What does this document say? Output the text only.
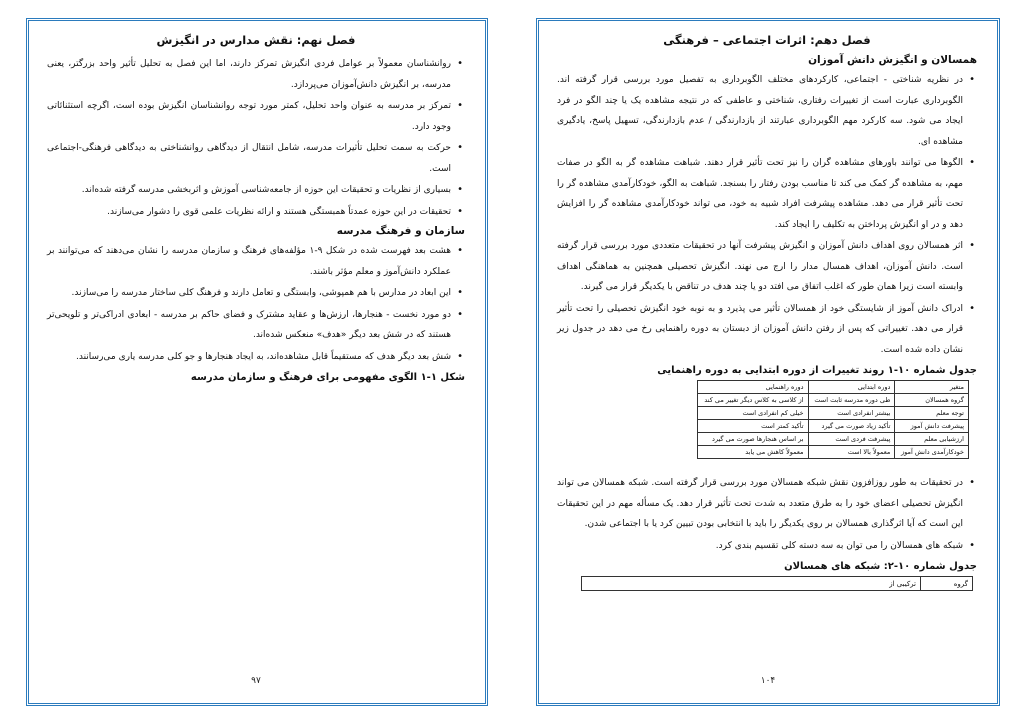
فصل نهم: نقش مدارس در انگیزش
• روانشناسان معمولاً بر عوامل فردی انگیزش تمرکز دارند، اما این فصل به تحلیل تأثیر واحد بزرگتر، یعنی مدرسه، بر انگیزش دانش‌آموزان می‌پردازد.
• تمرکز بر مدرسه به عنوان واحد تحلیل، کمتر مورد توجه روانشناسان انگیزش بوده است، اگرچه استثنائاتی وجود دارد.
• حرکت به سمت تحلیل تأثیرات مدرسه، شامل انتقال از دیدگاهی روانشناختی به دیدگاهی فرهنگی-اجتماعی است.
• بسیاری از نظریات و تحقیقات این حوزه از جامعه‌شناسی آموزش و اثربخشی مدرسه گرفته شده‌اند.
• تحقیقات در این حوزه عمدتاً همبستگی هستند و ارائه نظریات علمی قوی را دشوار می‌سازند.
سازمان و فرهنگ مدرسه
• هشت بعد فهرست شده در شکل ۹-۱ مؤلفه‌های فرهنگ و سازمان مدرسه را نشان می‌دهند که می‌توانند بر عملکرد دانش‌آموز و معلم مؤثر باشند.
• این ابعاد در مدارس با هم همپوشی، وابستگی و تعامل دارند و فرهنگ کلی ساختار مدرسه را می‌سازند.
• دو مورد نخست - هنجارها، ارزش‌ها و عقاید مشترک و فضای حاکم بر مدرسه - ابعادی ادراکی‌تر و تلویحی‌تر هستند که در شش بعد دیگر «هدف» منعکس شده‌اند.
• شش بعد دیگر هدف که مستقیماً قابل مشاهده‌اند، به ایجاد هنجارها و جو کلی مدرسه یاری می‌رسانند.
شکل ۱-۱ الگوی مفهومی برای فرهنگ و سازمان مدرسه
۹۷
فصل دهم: اثرات اجتماعی – فرهنگی
همسالان و انگیزش دانش آموزان
• در نظریه شناختی - اجتماعی، کارکردهای مختلف الگوبرداری به تفصیل مورد بررسی قرار گرفته اند. الگوبرداری عبارت است از تغییرات رفتاری، شناختی و عاطفی که در نتیجه مشاهده یک یا چند الگو در فرد ایجاد می شود. سه کارکرد مهم الگوبرداری عبارتند از بازدارندگی / عدم بازدارندگی، تسهیل پاسخ، یادگیری مشاهده ای.
• الگوها می توانند باورهای مشاهده گران را نیز تحت تأثیر قرار دهند. شباهت مشاهده گر به الگو در صفات مهم، به مشاهده گر کمک می کند تا مناسب بودن رفتار را بسنجد. شباهت به الگو، خودکارآمدی مشاهده گر را تحت تأثیر قرار می دهد. مشاهده پیشرفت افراد شبیه به خود، می تواند خودکارآمدی مشاهده گر را افزایش دهد و در او انگیزش پرداختن به تکلیف را ایجاد کند.
• اثر همسالان روی اهداف دانش آموزان و انگیزش پیشرفت آنها در تحقیقات متعددی مورد بررسی قرار گرفته است. دانش آموزان، اهداف همسال مدار را ارج می نهند. انگیزش تحصیلی همچنین به هماهنگی اهداف وابسته است زیرا همان طور که اغلب اتفاق می افتد دو یا چند هدف در تناقض با یکدیگر قرار می گیرند.
• ادراک دانش آموز از شایستگی خود از همسالان تأثیر می پذیرد و به نوبه خود انگیزش تحصیلی را تحت تأثیر قرار می دهد. تغییراتی که پس از رفتن دانش آموزان از دبستان به دوره راهنمایی رخ می دهد در جدول زیر نشان داده شده است.
جدول شماره ۱۰-۱ روند تغییرات از دوره ابتدایی به دوره راهنمایی
متغیر	دوره ابتدایی	دوره راهنمایی
گروه همسالان	طی دوره مدرسه ثابت است	از کلاسی به کلاس دیگر تغییر می کند
توجه معلم	بیشتر انفرادی است	خیلی کم انفرادی است
پیشرفت دانش آموز	تأکید زیاد صورت می گیرد	تأکید کمتر است
ارزشیابی معلم	پیشرفت فردی است	بر اساس هنجارها صورت می گیرد
خودکارآمدی دانش آموز	معمولاً بالا است	معمولاً کاهش می یابد
• در تحقیقات به طور روزافزون نقش شبکه همسالان مورد بررسی قرار گرفته است. شبکه همسالان می تواند انگیزش تحصیلی اعضای خود را به طرق متعدد به شدت تحت تأثیر قرار دهد. یک مسأله مهم در این تحقیقات این است که آیا اثرگذاری همسالان بر روی یکدیگر را باید با انتخابی بودن تبیین کرد یا با اجتماعی شدن.
• شبکه های همسالان را می توان به سه دسته کلی تقسیم بندی کرد.
جدول شماره ۱۰-۲: شبکه های همسالان
گروه	ترکیبی از
۱۰۴
